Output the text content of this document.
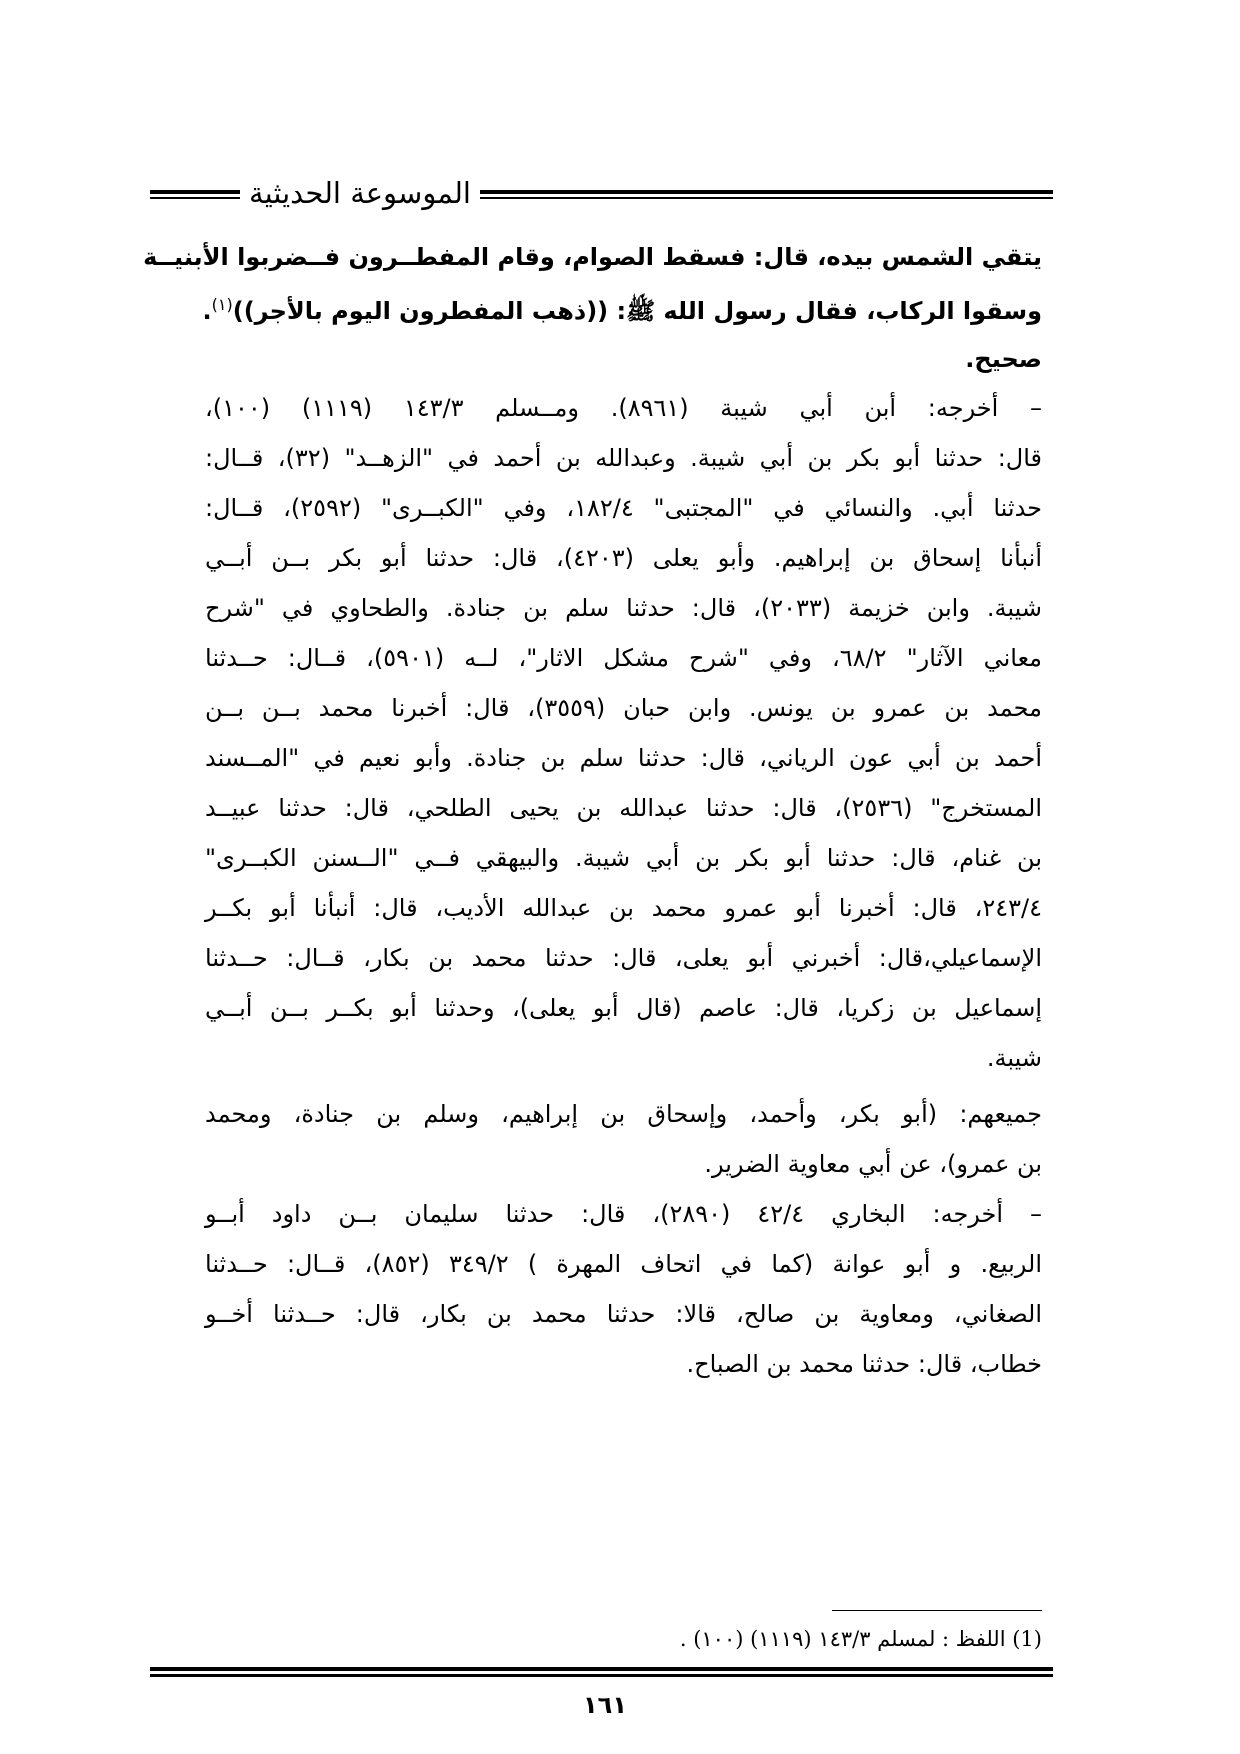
الموسوعة الحديثية
يتقي الشمس بيده، قال: فسقط الصوام، وقام المفطــرون فــضربوا الأبنيــة
وسقوا الركاب، فقال رسول الله ﷺ: ((ذهب المفطرون اليوم بالأجر))$^{(١)}$.
صحيح.
– أخرجه: أبن أبي شيبة (٨٩٦١). ومــسلم ١٤٣/٣ (١١١٩) (١٠٠)،
قال: حدثنا أبو بكر بن أبي شيبة. وعبدالله بن أحمد في "الزهــد" (٣٢)، قــال:
حدثنا أبي. والنسائي في "المجتبى" ١٨٢/٤، وفي "الكبــرى" (٢٥٩٢)، قــال:
أنبأنا إسحاق بن إبراهيم. وأبو يعلى (٤٢٠٣)، قال: حدثنا أبو بكر بــن أبــي
شيبة. وابن خزيمة (٢٠٣٣)، قال: حدثنا سلم بن جنادة. والطحاوي في "شرح
معاني الآثار" ٦٨/٢، وفي "شرح مشكل الاثار"، لــه (٥٩٠١)، قــال: حــدثنا
محمد بن عمرو بن يونس. وابن حبان (٣٥٥٩)، قال: أخبرنا محمد بــن بــن
أحمد بن أبي عون الرياني، قال: حدثنا سلم بن جنادة. وأبو نعيم في "المــسند
المستخرج" (٢٥٣٦)، قال: حدثنا عبدالله بن يحيى الطلحي، قال: حدثنا عبيــد
بن غنام، قال: حدثنا أبو بكر بن أبي شيبة. والبيهقي فــي "الــسنن الكبــرى"
٢٤٣/٤، قال: أخبرنا أبو عمرو محمد بن عبدالله الأديب، قال: أنبأنا أبو بكــر
الإسماعيلي،قال: أخبرني أبو يعلى، قال: حدثنا محمد بن بكار، قــال: حــدثنا
إسماعيل بن زكريا، قال: عاصم (قال أبو يعلى)، وحدثنا أبو بكــر بــن أبــي
شيبة.
جميعهم: (أبو بكر، وأحمد، وإسحاق بن إبراهيم، وسلم بن جنادة، ومحمد
بن عمرو)، عن أبي معاوية الضرير.
– أخرجه: البخاري ٤٢/٤ (٢٨٩٠)، قال: حدثنا سليمان بــن داود أبــو
الربيع. و أبو عوانة (كما في اتحاف المهرة ) ٣٤٩/٢ (٨٥٢)، قــال: حــدثنا
الصغاني، ومعاوية بن صالح، قالا: حدثنا محمد بن بكار، قال: حــدثنا أخــو
خطاب، قال: حدثنا محمد بن الصباح.
(1) اللفظ : لمسلم ١٤٣/٣ (١١١٩) (١٠٠) .
١٦١
